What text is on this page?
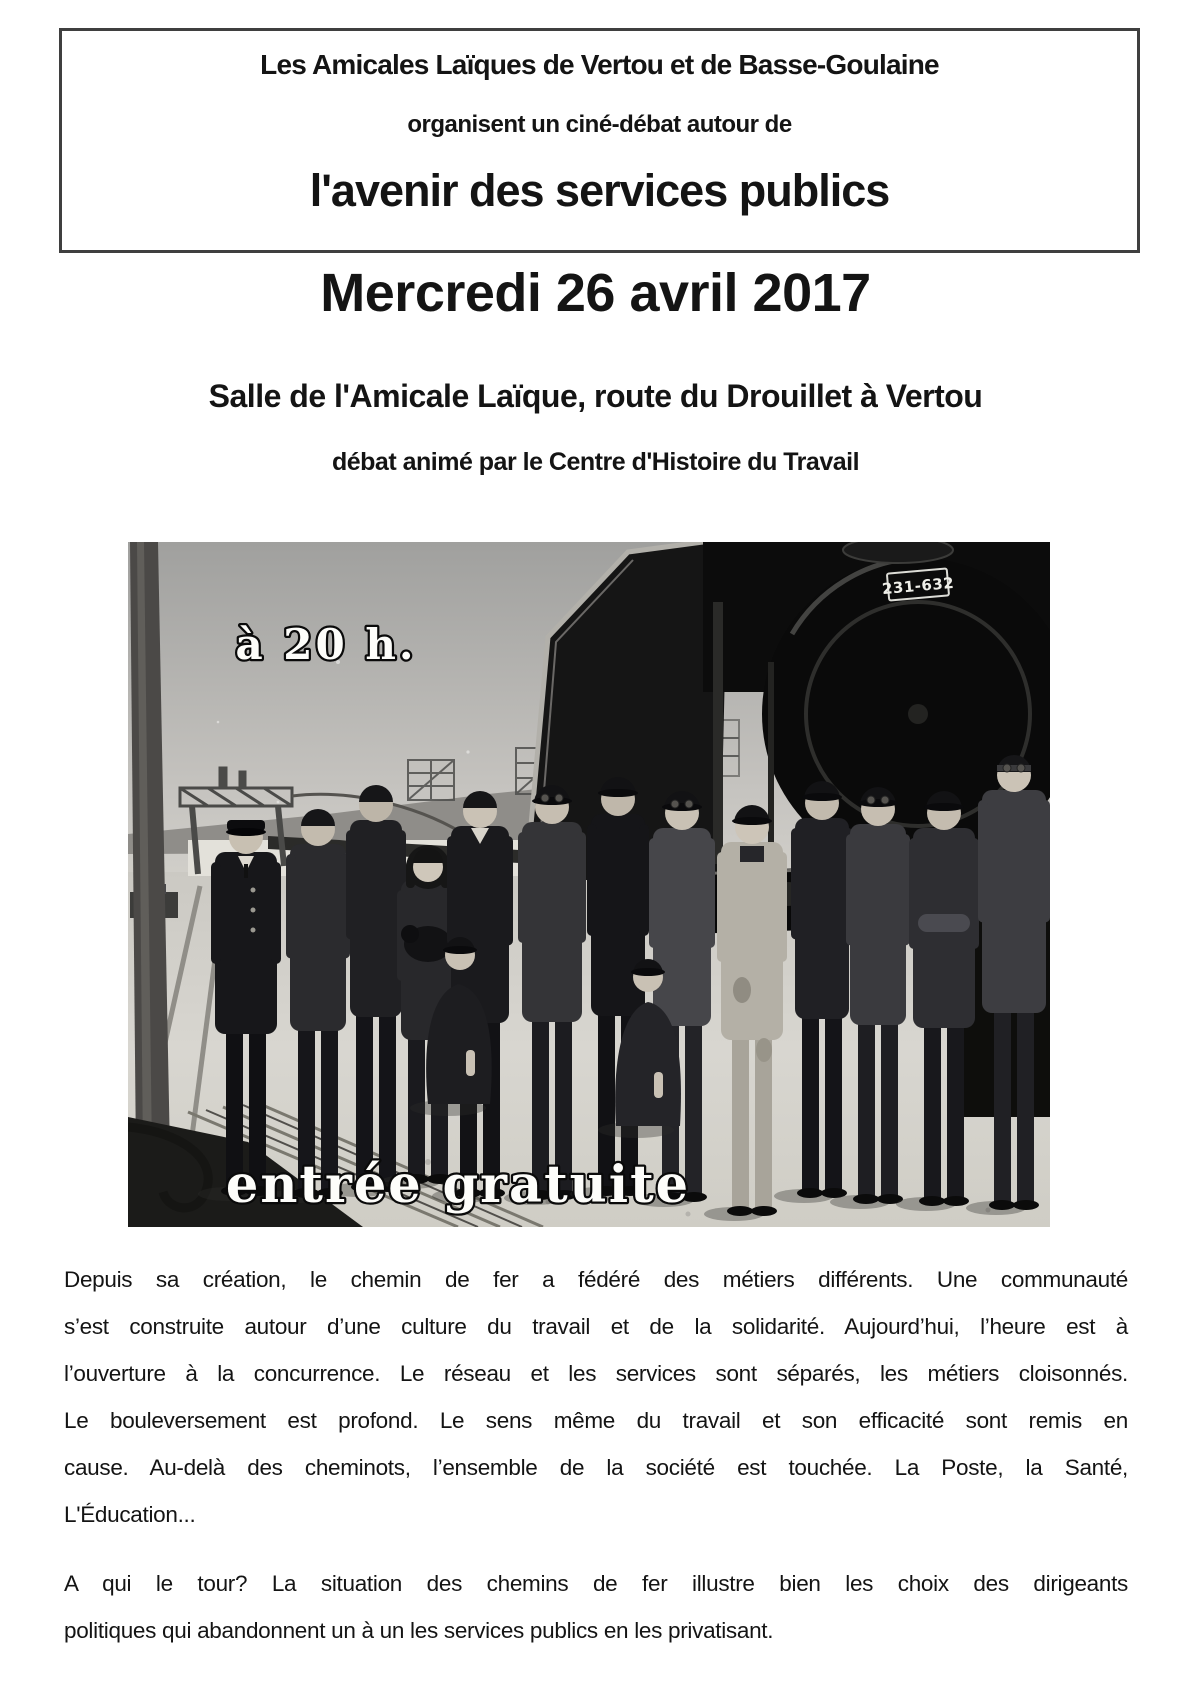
Les Amicales Laïques de Vertou et de Basse-Goulaine
organisent un ciné-débat autour de
l'avenir des services publics
Mercredi 26 avril 2017
Salle de l'Amicale Laïque, route du Drouillet à Vertou
débat animé par le Centre d'Histoire du Travail
231-632
à 20 h.
entrée gratuite
Depuis sa création, le chemin de fer a fédéré des métiers différents. Une communauté
s’est construite autour d’une culture du travail et de la solidarité. Aujourd’hui, l’heure est à
l’ouverture à la concurrence. Le réseau et les services sont séparés, les métiers cloisonnés.
Le bouleversement est profond. Le sens même du travail et son efficacité sont remis en
cause. Au-delà des cheminots, l’ensemble de la société est touchée. La Poste, la Santé,
L'Éducation...
A qui le tour? La situation des chemins de fer illustre bien les choix des dirigeants
politiques qui abandonnent un à un les services publics en les privatisant.
